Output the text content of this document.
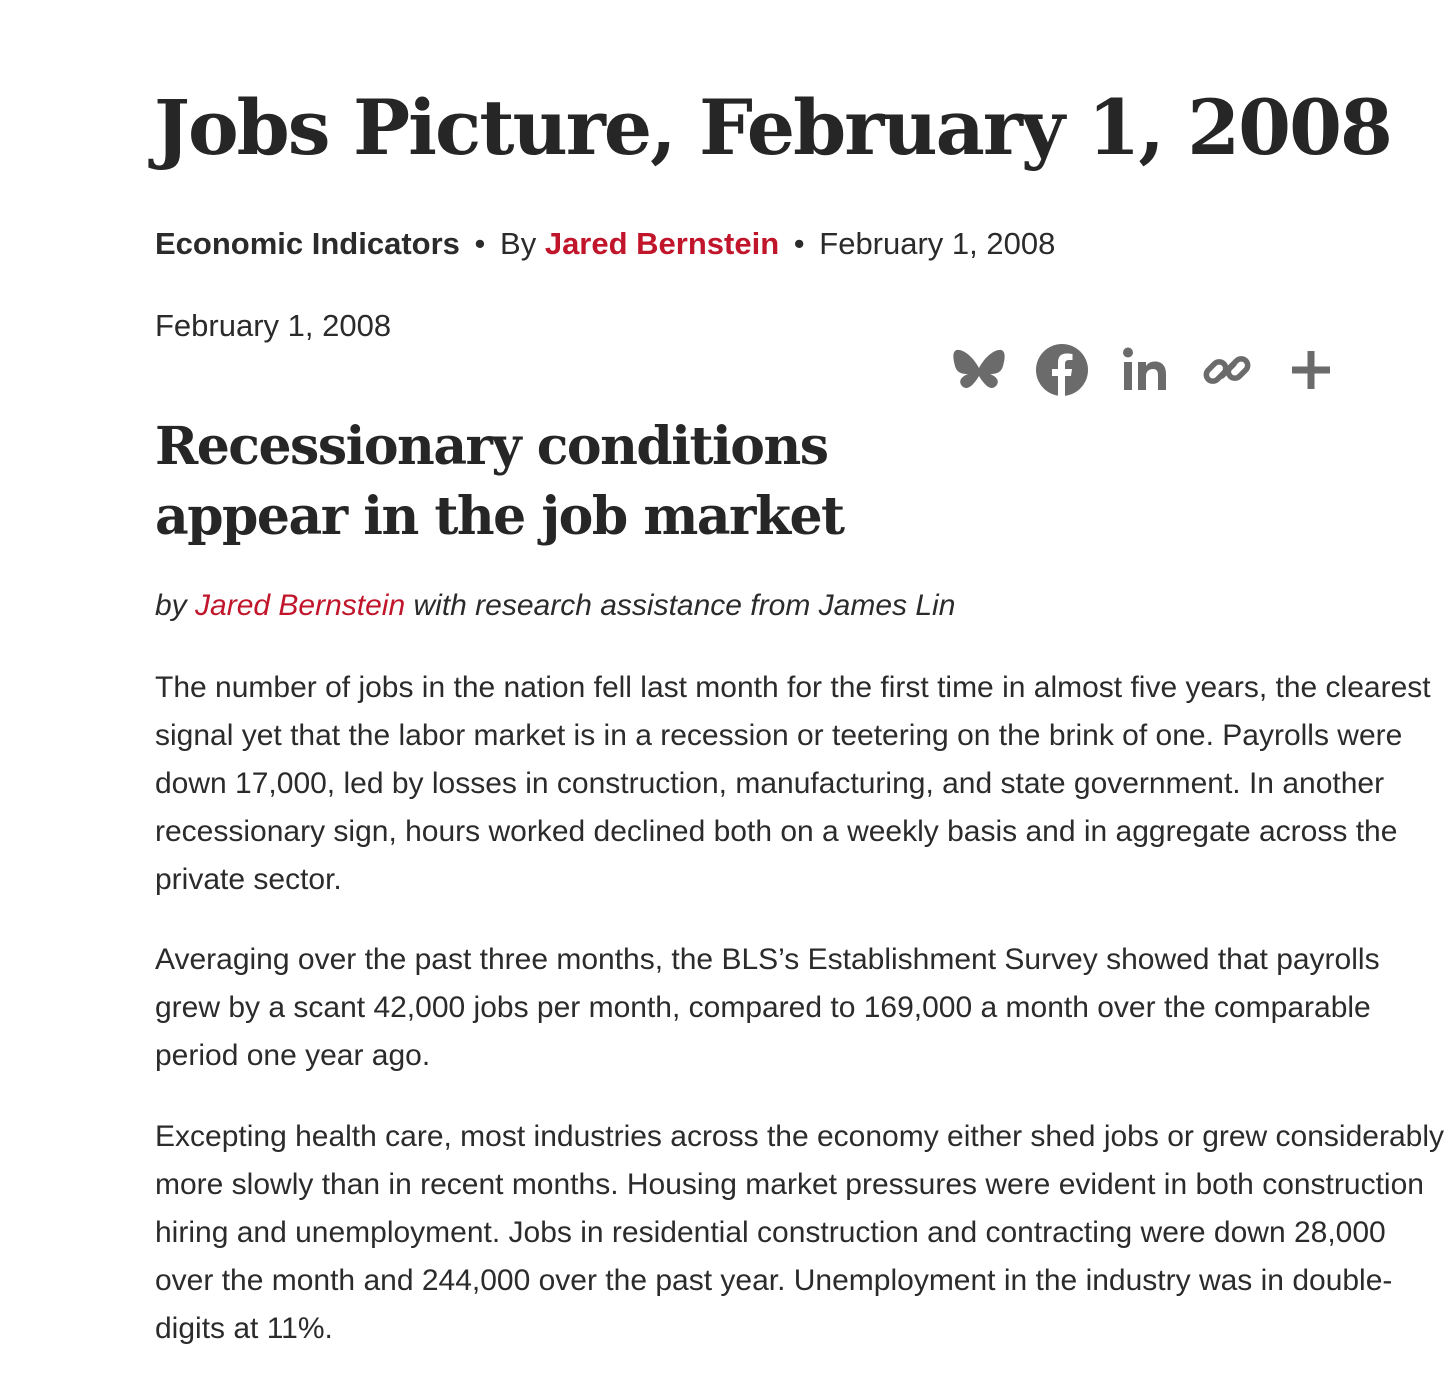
Jobs Picture, February 1, 2008
Economic Indicators • By Jared Bernstein • February 1, 2008
February 1, 2008
Recessionary conditions appear in the job market
by Jared Bernstein with research assistance from James Lin

The number of jobs in the nation fell last month for the first time in almost five years, the clearest signal yet that the labor market is in a recession or teetering on the brink of one. Payrolls were down 17,000, led by losses in construction, manufacturing, and state government. In another recessionary sign, hours worked declined both on a weekly basis and in aggregate across the private sector.

Averaging over the past three months, the BLS’s Establishment Survey showed that payrolls grew by a scant 42,000 jobs per month, compared to 169,000 a month over the comparable period one year ago.

Excepting health care, most industries across the economy either shed jobs or grew considerably more slowly than in recent months. Housing market pressures were evident in both construction hiring and unemployment. Jobs in residential construction and contracting were down 28,000 over the month and 244,000 over the past year. Unemployment in the industry was in double-digits at 11%.
